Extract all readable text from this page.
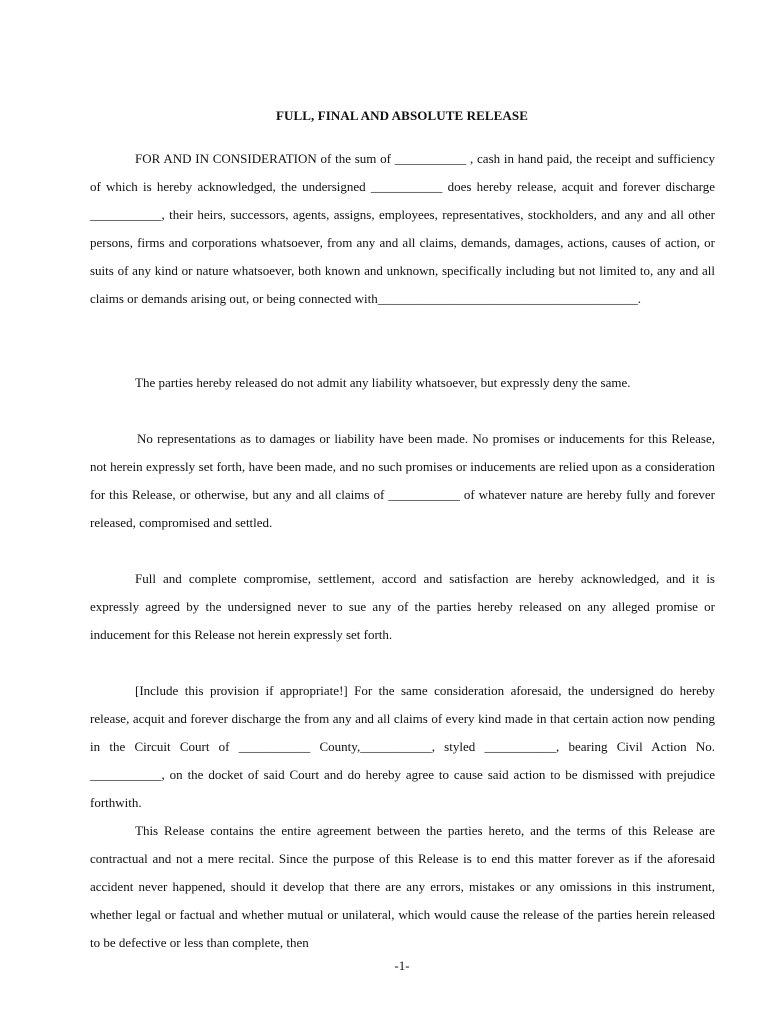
FULL, FINAL AND ABSOLUTE RELEASE

FOR AND IN CONSIDERATION of the sum of ___________ , cash in hand paid, the receipt and sufficiency of which is hereby acknowledged, the undersigned ___________ does hereby release, acquit and forever discharge ___________, their heirs, successors, agents, assigns, employees, representatives, stockholders, and any and all other persons, firms and corporations whatsoever, from any and all claims, demands, damages, actions, causes of action, or suits of any kind or nature whatsoever, both known and unknown, specifically including but not limited to, any and all claims or demands arising out, or being connected with________________________________________.

The parties hereby released do not admit any liability whatsoever, but expressly deny the same.

No representations as to damages or liability have been made. No promises or inducements for this Release, not herein expressly set forth, have been made, and no such promises or inducements are relied upon as a consideration for this Release, or otherwise, but any and all claims of ___________ of whatever nature are hereby fully and forever released, compromised and settled.

Full and complete compromise, settlement, accord and satisfaction are hereby acknowledged, and it is expressly agreed by the undersigned never to sue any of the parties hereby released on any alleged promise or inducement for this Release not herein expressly set forth.

[Include this provision if appropriate!] For the same consideration aforesaid, the undersigned do hereby release, acquit and forever discharge the from any and all claims of every kind made in that certain action now pending in the Circuit Court of ___________ County,___________, styled ___________, bearing Civil Action No. ___________, on the docket of said Court and do hereby agree to cause said action to be dismissed with prejudice forthwith.

This Release contains the entire agreement between the parties hereto, and the terms of this Release are contractual and not a mere recital. Since the purpose of this Release is to end this matter forever as if the aforesaid accident never happened, should it develop that there are any errors, mistakes or any omissions in this instrument, whether legal or factual and whether mutual or unilateral, which would cause the release of the parties herein released to be defective or less than complete, then

-1-
